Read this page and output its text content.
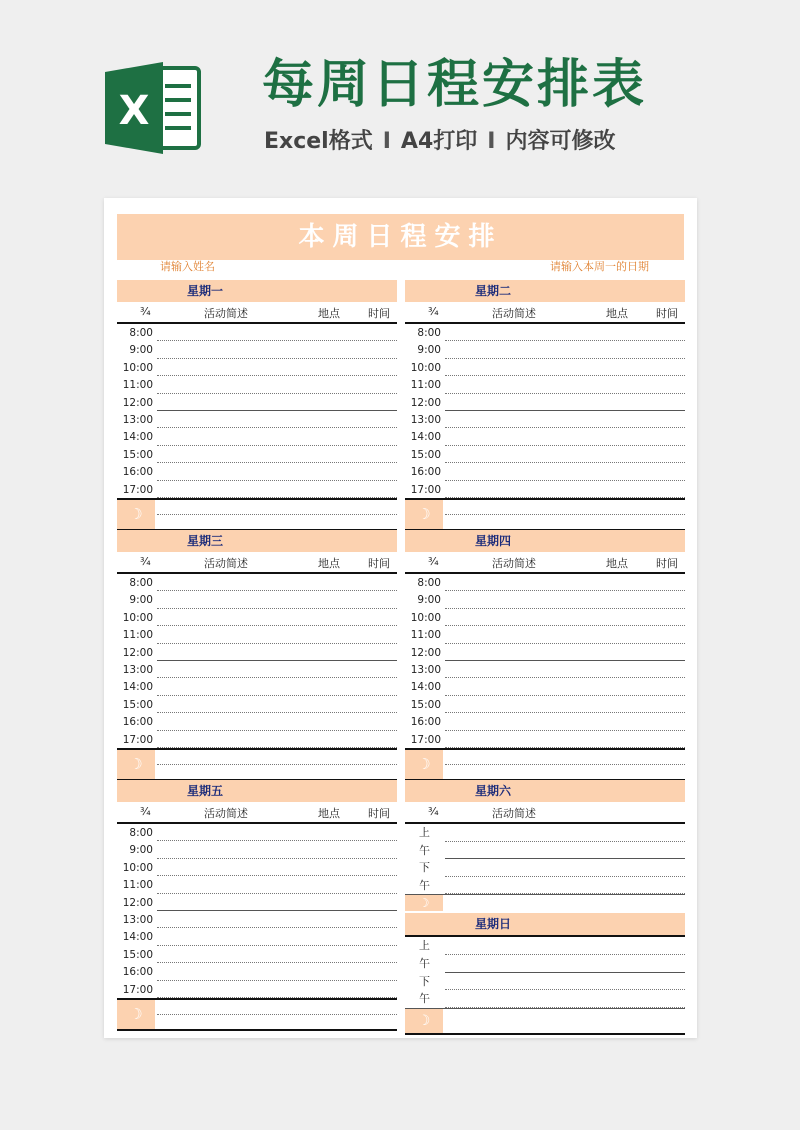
X 每周日程安排表
Excel格式 I A4打印 I 内容可修改
本周日程安排
请输入姓名	请输入本周一的日期
星期一
¾	活动简述	地点	时间
8:00
9:00
10:00
11:00
12:00
13:00
14:00
15:00
16:00
17:00
☽
星期二
¾	活动简述	地点	时间
8:00
9:00
10:00
11:00
12:00
13:00
14:00
15:00
16:00
17:00
☽
星期三
¾	活动简述	地点	时间
8:00
9:00
10:00
11:00
12:00
13:00
14:00
15:00
16:00
17:00
☽
星期四
¾	活动简述	地点	时间
8:00
9:00
10:00
11:00
12:00
13:00
14:00
15:00
16:00
17:00
☽
星期五
¾	活动简述	地点	时间
8:00
9:00
10:00
11:00
12:00
13:00
14:00
15:00
16:00
17:00
☽
星期六
¾	活动简述
上
午
下
午
☽
星期日
上
午
下
午
☽
